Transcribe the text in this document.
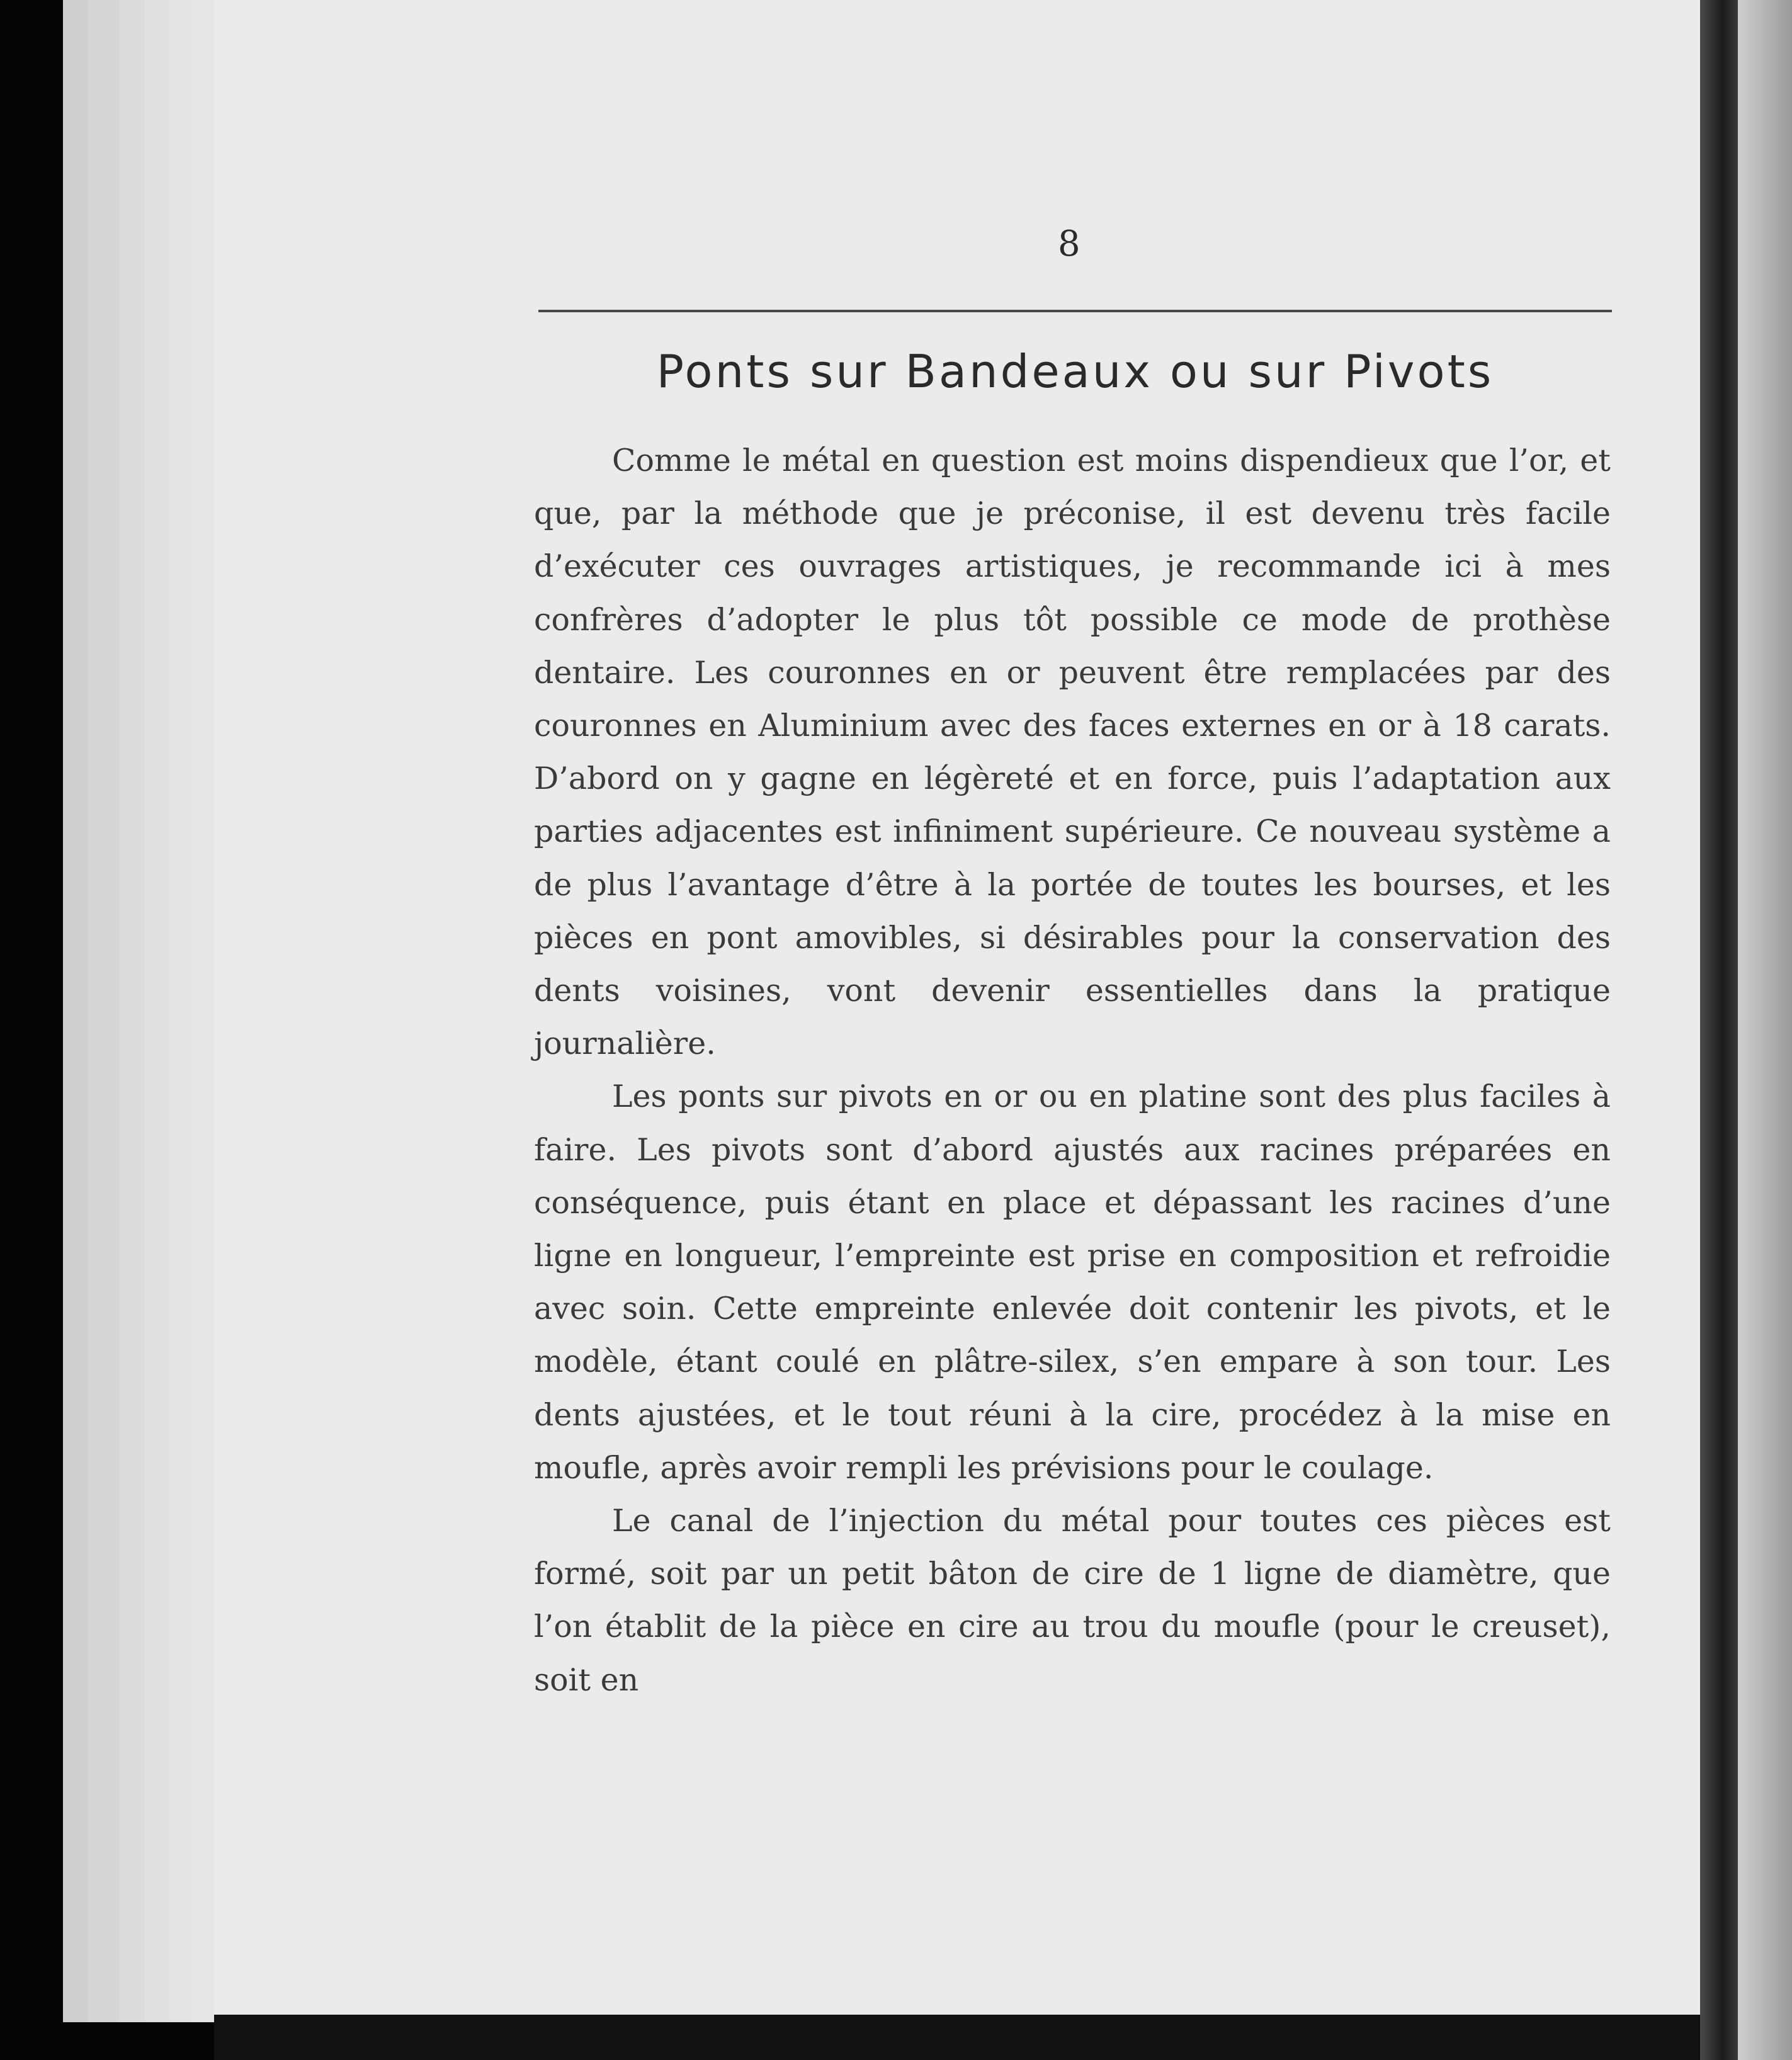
8
Ponts sur Bandeaux ou sur Pivots

Comme le métal en question est moins dispendieux que l’or, et que, par la méthode que je préconise, il est devenu très facile d’exécuter ces ouvrages artistiques, je recommande ici à mes confrères d’adopter le plus tôt possible ce mode de prothèse dentaire. Les couronnes en or peuvent être remplacées par des couronnes en Aluminium avec des faces externes en or à 18 carats. D’abord on y gagne en légèreté et en force, puis l’adaptation aux parties adjacentes est infiniment supérieure. Ce nouveau système a de plus l’avantage d’être à la portée de toutes les bourses, et les pièces en pont amovibles, si désirables pour la conservation des dents voisines, vont devenir essentielles dans la pratique journalière.

Les ponts sur pivots en or ou en platine sont des plus faciles à faire. Les pivots sont d’abord ajustés aux racines préparées en conséquence, puis étant en place et dépassant les racines d’une ligne en longueur, l’empreinte est prise en composition et refroidie avec soin. Cette empreinte enlevée doit contenir les pivots, et le modèle, étant coulé en plâtre-silex, s’en empare à son tour. Les dents ajustées, et le tout réuni à la cire, procédez à la mise en moufle, après avoir rempli les prévisions pour le coulage.

Le canal de l’injection du métal pour toutes ces pièces est formé, soit par un petit bâton de cire de 1 ligne de diamètre, que l’on établit de la pièce en cire au trou du moufle (pour le creuset), soit en
